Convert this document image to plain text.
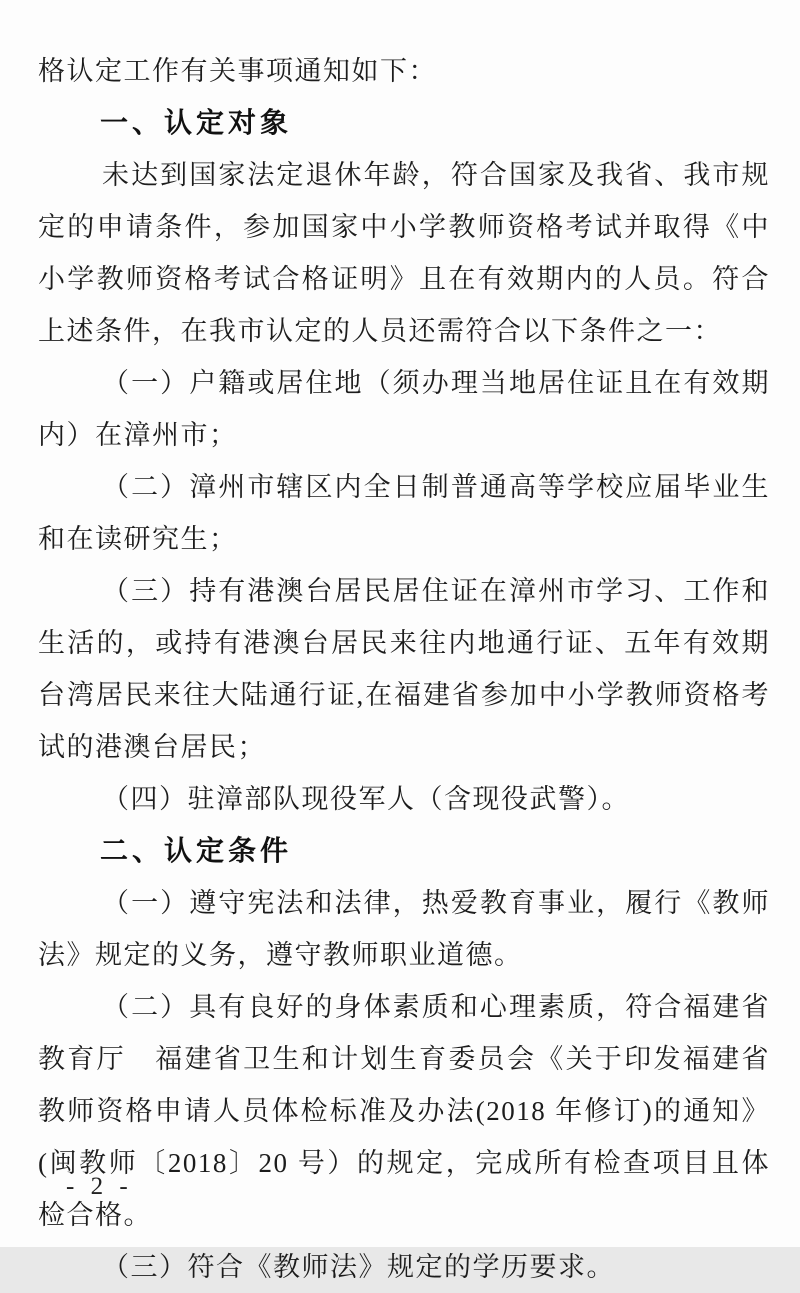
格认定工作有关事项通知如下：

一、认定对象

未达到国家法定退休年龄，符合国家及我省、我市规定的申请条件，参加国家中小学教师资格考试并取得《中小学教师资格考试合格证明》且在有效期内的人员。符合上述条件，在我市认定的人员还需符合以下条件之一：

（一）户籍或居住地（须办理当地居住证且在有效期内）在漳州市；

（二）漳州市辖区内全日制普通高等学校应届毕业生和在读研究生；

（三）持有港澳台居民居住证在漳州市学习、工作和生活的，或持有港澳台居民来往内地通行证、五年有效期台湾居民来往大陆通行证,在福建省参加中小学教师资格考试的港澳台居民；

（四）驻漳部队现役军人（含现役武警）。

二、认定条件

（一）遵守宪法和法律，热爱教育事业，履行《教师法》规定的义务，遵守教师职业道德。

（二）具有良好的身体素质和心理素质，符合福建省教育厅　福建省卫生和计划生育委员会《关于印发福建省教师资格申请人员体检标准及办法(2018 年修订)的通知》(闽教师〔2018〕20 号）的规定，完成所有检查项目且体检合格。

（三）符合《教师法》规定的学历要求。

- 2 -
